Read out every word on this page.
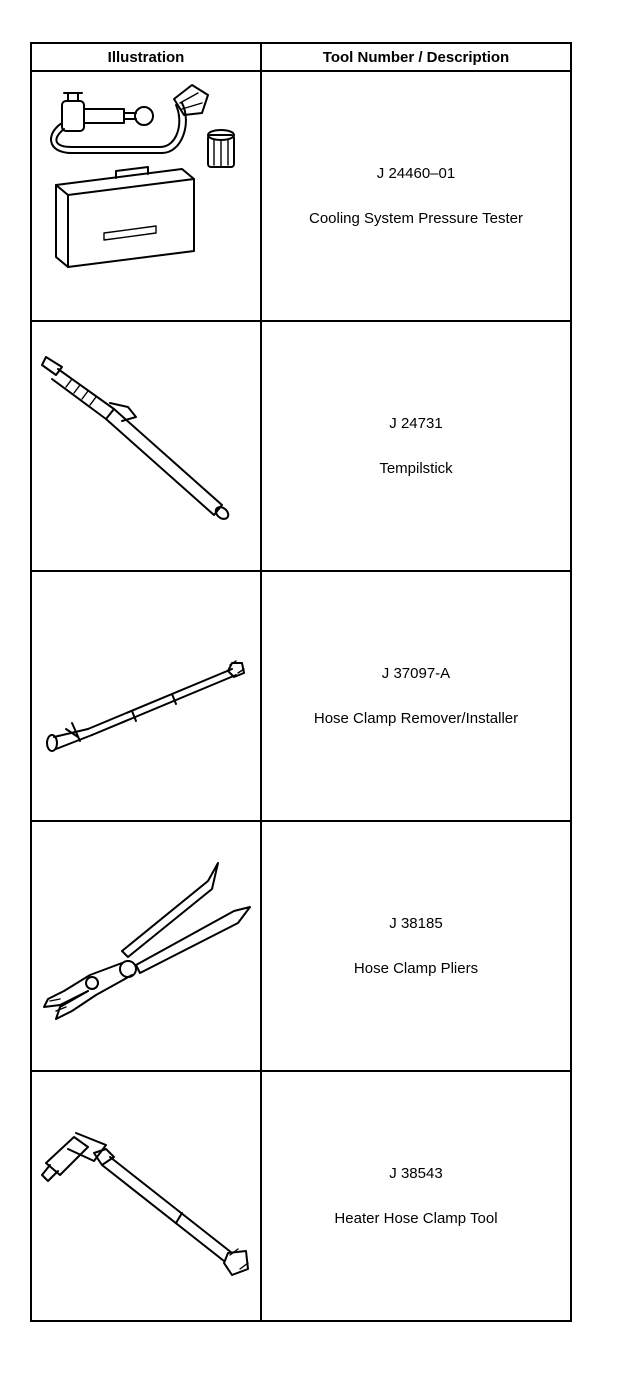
Illustration	Tool Number / Description

J 24460–01
Cooling System Pressure Tester

J 24731
Tempilstick

J 37097-A
Hose Clamp Remover/Installer

J 38185
Hose Clamp Pliers

J 38543
Heater Hose Clamp Tool
